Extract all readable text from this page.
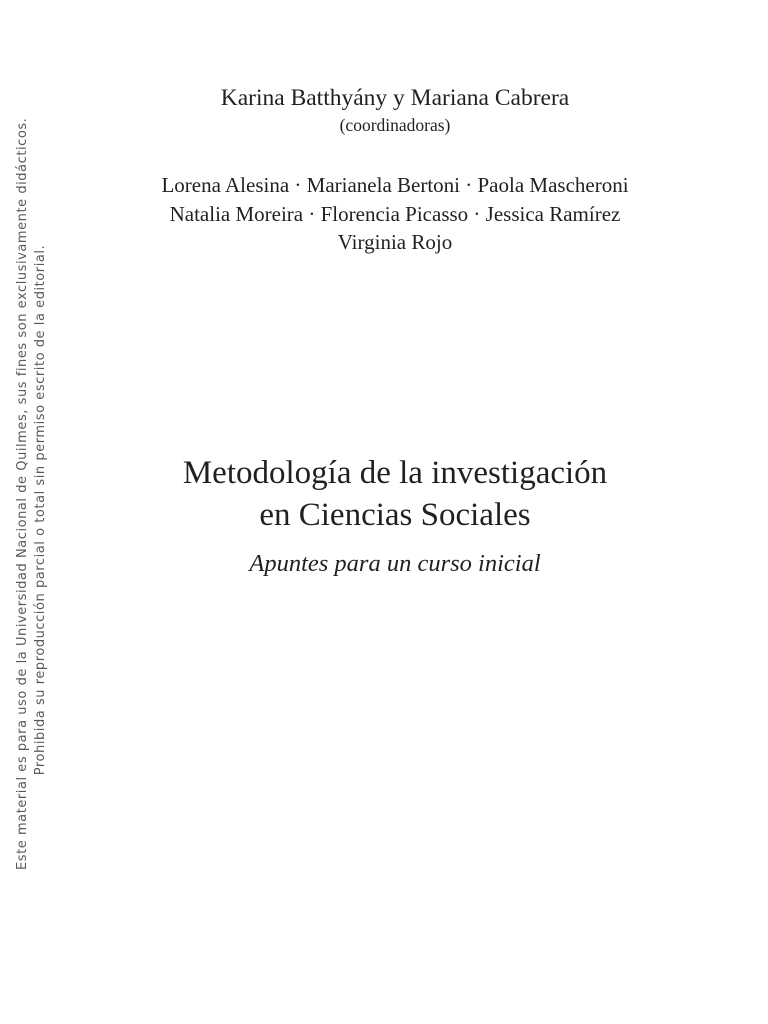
Este material es para uso de la Universidad Nacional de Quilmes, sus fines son exclusivamente didácticos. Prohibida su reproducción parcial o total sin permiso escrito de la editorial.
Karina Batthyány y Mariana Cabrera
(coordinadoras)
Lorena Alesina · Marianela Bertoni · Paola Mascheroni
Natalia Moreira · Florencia Picasso · Jessica Ramírez
Virginia Rojo
Metodología de la investigación
en Ciencias Sociales
Apuntes para un curso inicial
